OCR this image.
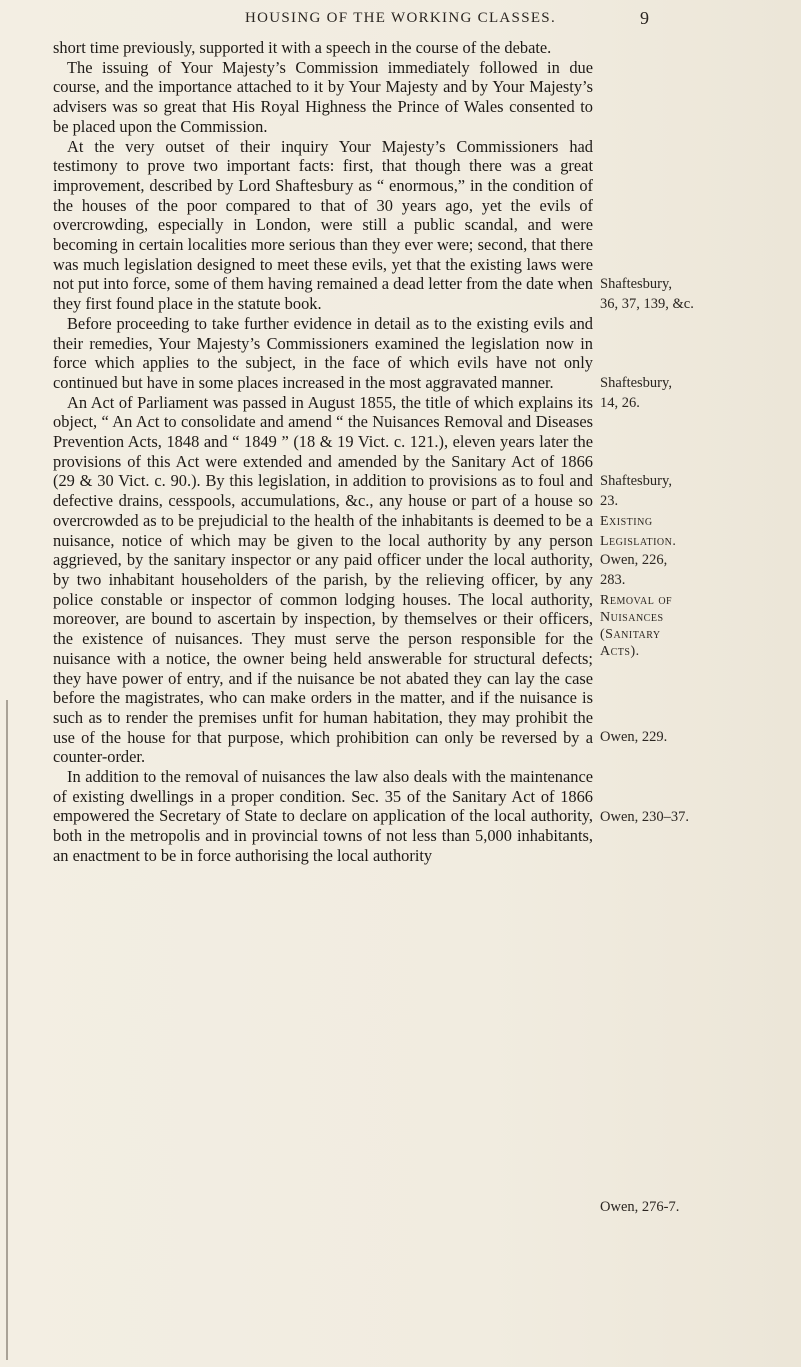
HOUSING OF THE WORKING CLASSES.	9

short time previously, supported it with a speech in the course of the debate.

The issuing of Your Majesty’s Commission immediately followed in due course, and the importance attached to it by Your Majesty and by Your Majesty’s advisers was so great that His Royal Highness the Prince of Wales consented to be placed upon the Commission.

At the very outset of their inquiry Your Majesty’s Commissioners had testimony to prove two important facts: first, that though there was a great improvement, described by Lord Shaftesbury as “ enormous,” in the condition of the houses of the poor compared to that of 30 years ago, yet the evils of overcrowding, especially in London, were still a public scandal, and were becoming in certain localities more serious than they ever were; second, that there was much legislation designed to meet these evils, yet that the existing laws were not put into force, some of them having remained a dead letter from the date when they first found place in the statute book.

Before proceeding to take further evidence in detail as to the existing evils and their remedies, Your Majesty’s Commissioners examined the legislation now in force which applies to the subject, in the face of which evils have not only continued but have in some places increased in the most aggravated manner.

An Act of Parliament was passed in August 1855, the title of which explains its object, “ An Act to consolidate and amend “ the Nuisances Removal and Diseases Prevention Acts, 1848 and “ 1849 ” (18 & 19 Vict. c. 121.), eleven years later the provisions of this Act were extended and amended by the Sanitary Act of 1866 (29 & 30 Vict. c. 90.). By this legislation, in addition to provisions as to foul and defective drains, cesspools, accumulations, &c., any house or part of a house so overcrowded as to be prejudicial to the health of the inhabitants is deemed to be a nuisance, notice of which may be given to the local authority by any person aggrieved, by the sanitary inspector or any paid officer under the local authority, by two inhabitant householders of the parish, by the relieving officer, by any police constable or inspector of common lodging houses. The local authority, moreover, are bound to ascertain by inspection, by themselves or their officers, the existence of nuisances. They must serve the person responsible for the nuisance with a notice, the owner being held answerable for structural defects; they have power of entry, and if the nuisance be not abated they can lay the case before the magistrates, who can make orders in the matter, and if the nuisance is such as to render the premises unfit for human habitation, they may prohibit the use of the house for that purpose, which prohibition can only be reversed by a counter-order.

In addition to the removal of nuisances the law also deals with the maintenance of existing dwellings in a proper condition. Sec. 35 of the Sanitary Act of 1866 empowered the Secretary of State to declare on application of the local authority, both in the metropolis and in provincial towns of not less than 5,000 inhabitants, an enactment to be in force authorising the local authority

Shaftesbury,
36, 37, 139, &c.
Shaftesbury,
14, 26.
Shaftesbury,
23.
Existing
Legislation.
Owen, 226,
283.
Removal of
Nuisances
(Sanitary
Acts).
Owen, 229.
Owen, 230–37.
Owen, 276-7.
